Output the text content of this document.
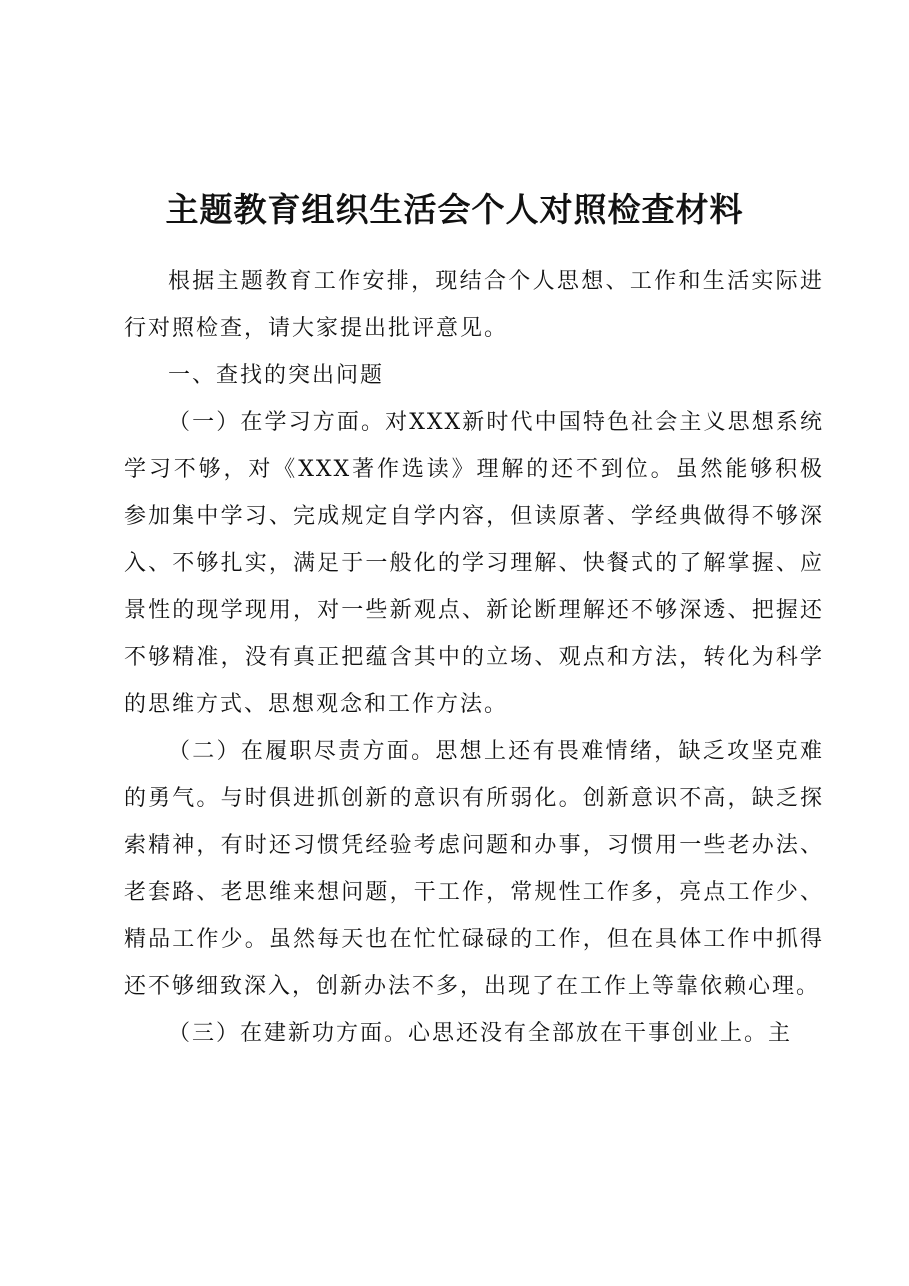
主题教育组织生活会个人对照检查材料

根据主题教育工作安排，现结合个人思想、工作和生活实际进行对照检查，请大家提出批评意见。

一、查找的突出问题

（一）在学习方面。对XXX新时代中国特色社会主义思想系统学习不够，对《XXX著作选读》理解的还不到位。虽然能够积极参加集中学习、完成规定自学内容，但读原著、学经典做得不够深入、不够扎实，满足于一般化的学习理解、快餐式的了解掌握、应景性的现学现用，对一些新观点、新论断理解还不够深透、把握还不够精准，没有真正把蕴含其中的立场、观点和方法，转化为科学的思维方式、思想观念和工作方法。

（二）在履职尽责方面。思想上还有畏难情绪，缺乏攻坚克难的勇气。与时俱进抓创新的意识有所弱化。创新意识不高，缺乏探索精神，有时还习惯凭经验考虑问题和办事，习惯用一些老办法、老套路、老思维来想问题，干工作，常规性工作多，亮点工作少、精品工作少。虽然每天也在忙忙碌碌的工作，但在具体工作中抓得还不够细致深入，创新办法不多，出现了在工作上等靠依赖心理。

（三）在建新功方面。心思还没有全部放在干事创业上。主
